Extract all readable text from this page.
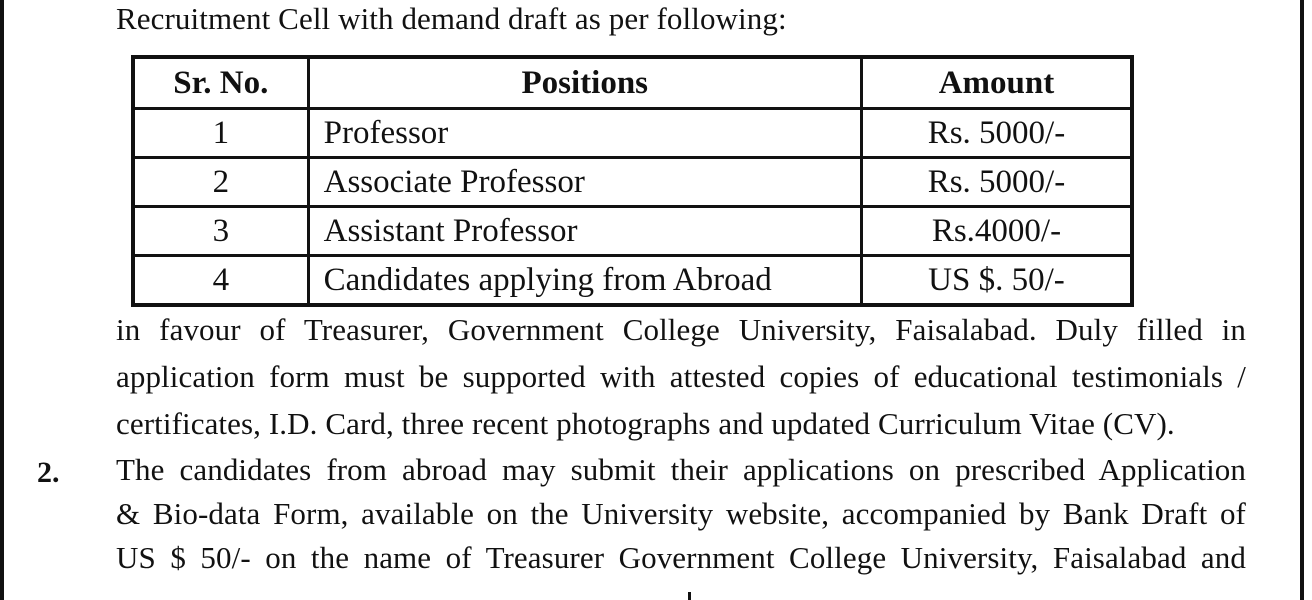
Recruitment Cell with demand draft as per following:
Sr. No.	Positions	Amount
1	Professor	Rs. 5000/-
2	Associate Professor	Rs. 5000/-
3	Assistant Professor	Rs.4000/-
4	Candidates applying from Abroad	US $. 50/-
in favour of Treasurer, Government College University, Faisalabad. Duly filled in
application form must be supported with attested copies of educational testimonials /
certificates, I.D. Card, three recent photographs and updated Curriculum Vitae (CV).
2. The candidates from abroad may submit their applications on prescribed Application
& Bio-data Form, available on the University website, accompanied by Bank Draft of
US $ 50/- on the name of Treasurer Government College University, Faisalabad and
